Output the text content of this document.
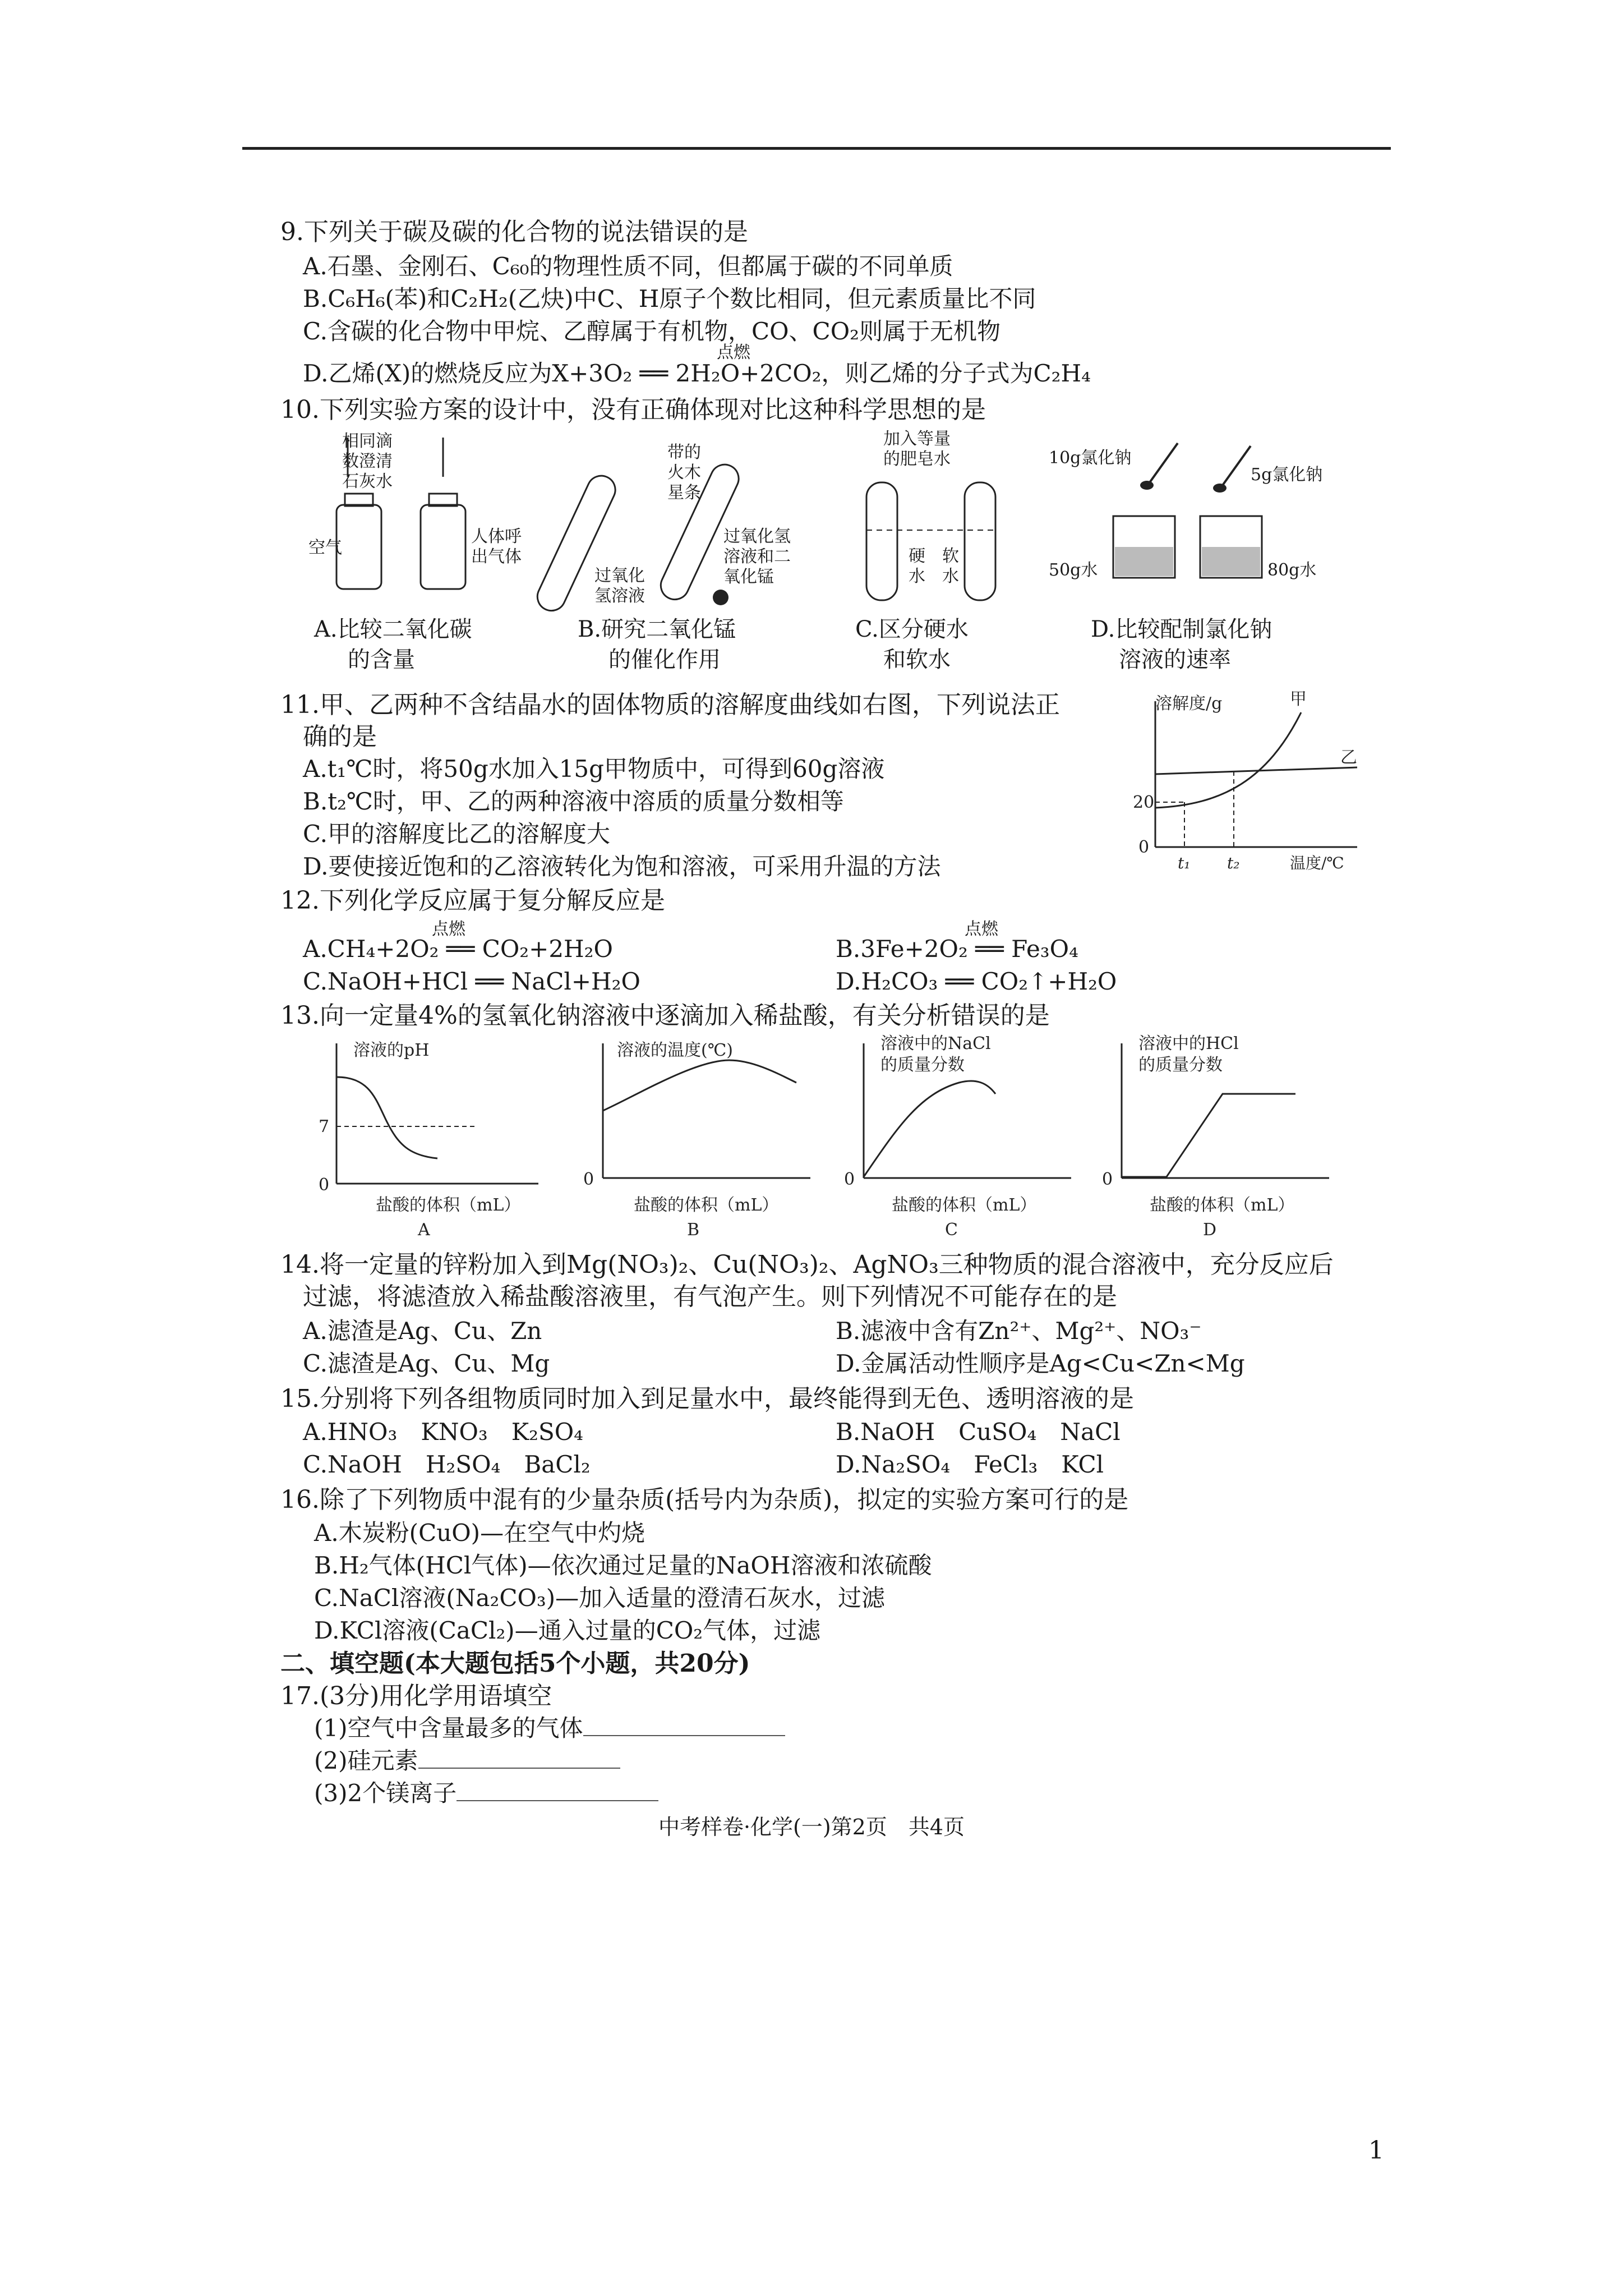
9.下列关于碳及碳的化合物的说法错误的是
A.石墨、金刚石、C₆₀的物理性质不同，但都属于碳的不同单质
B.C₆H₆(苯)和C₂H₂(乙炔)中C、H原子个数比相同，但元素质量比不同
C.含碳的化合物中甲烷、乙醇属于有机物，CO、CO₂则属于无机物
点燃
D.乙烯(X)的燃烧反应为X+3O₂ ══ 2H₂O+2CO₂，则乙烯的分子式为C₂H₄
10.下列实验方案的设计中，没有正确体现对比这种科学思想的是
相同滴
数澄清
石灰水
空气
人体呼
出气体
带的
火木
星条
过氧化
氢溶液
过氧化氢
溶液和二
氧化锰
加入等量
的肥皂水
硬
水
软
水
10g氯化钠
5g氯化钠
50g水	80g水
A.比较二氧化碳
的含量
B.研究二氧化锰
的催化作用
C.区分硬水
和软水
D.比较配制氯化钠
溶液的速率
11.甲、乙两种不含结晶水的固体物质的溶解度曲线如右图，下列说法正
确的是
A.t₁℃时，将50g水加入15g甲物质中，可得到60g溶液
B.t₂℃时，甲、乙的两种溶液中溶质的质量分数相等
C.甲的溶解度比乙的溶解度大
D.要使接近饱和的乙溶液转化为饱和溶液，可采用升温的方法
溶解度/g	甲
乙
20
0
t₁ t₂	温度/℃
12.下列化学反应属于复分解反应是
点燃
A.CH₄+2O₂ ══ CO₂+2H₂O
点燃
B.3Fe+2O₂ ══ Fe₃O₄
C.NaOH+HCl ══ NaCl+H₂O	D.H₂CO₃ ══ CO₂↑+H₂O
13.向一定量4%的氢氧化钠溶液中逐滴加入稀盐酸，有关分析错误的是
溶液的pH
7
0
盐酸的体积（mL）
A
溶液的温度(℃)
0
盐酸的体积（mL）
B
溶液中的NaCl
的质量分数
0
盐酸的体积（mL）
C
溶液中的HCl
的质量分数
0
盐酸的体积（mL）
D
14.将一定量的锌粉加入到Mg(NO₃)₂、Cu(NO₃)₂、AgNO₃三种物质的混合溶液中，充分反应后
过滤，将滤渣放入稀盐酸溶液里，有气泡产生。则下列情况不可能存在的是
A.滤渣是Ag、Cu、Zn	B.滤液中含有Zn²⁺、Mg²⁺、NO₃⁻
C.滤渣是Ag、Cu、Mg	D.金属活动性顺序是Ag<Cu<Zn<Mg
15.分别将下列各组物质同时加入到足量水中，最终能得到无色、透明溶液的是
A.HNO₃　KNO₃　K₂SO₄	B.NaOH　CuSO₄　NaCl
C.NaOH　H₂SO₄　BaCl₂	D.Na₂SO₄　FeCl₃　KCl
16.除了下列物质中混有的少量杂质(括号内为杂质)，拟定的实验方案可行的是
A.木炭粉(CuO)—在空气中灼烧
B.H₂气体(HCl气体)—依次通过足量的NaOH溶液和浓硫酸
C.NaCl溶液(Na₂CO₃)—加入适量的澄清石灰水，过滤
D.KCl溶液(CaCl₂)—通入过量的CO₂气体，过滤
二、填空题(本大题包括5个小题，共20分)
17.(3分)用化学用语填空
(1)空气中含量最多的气体
(2)硅元素
(3)2个镁离子
中考样卷·化学(一)第2页　共4页
1
